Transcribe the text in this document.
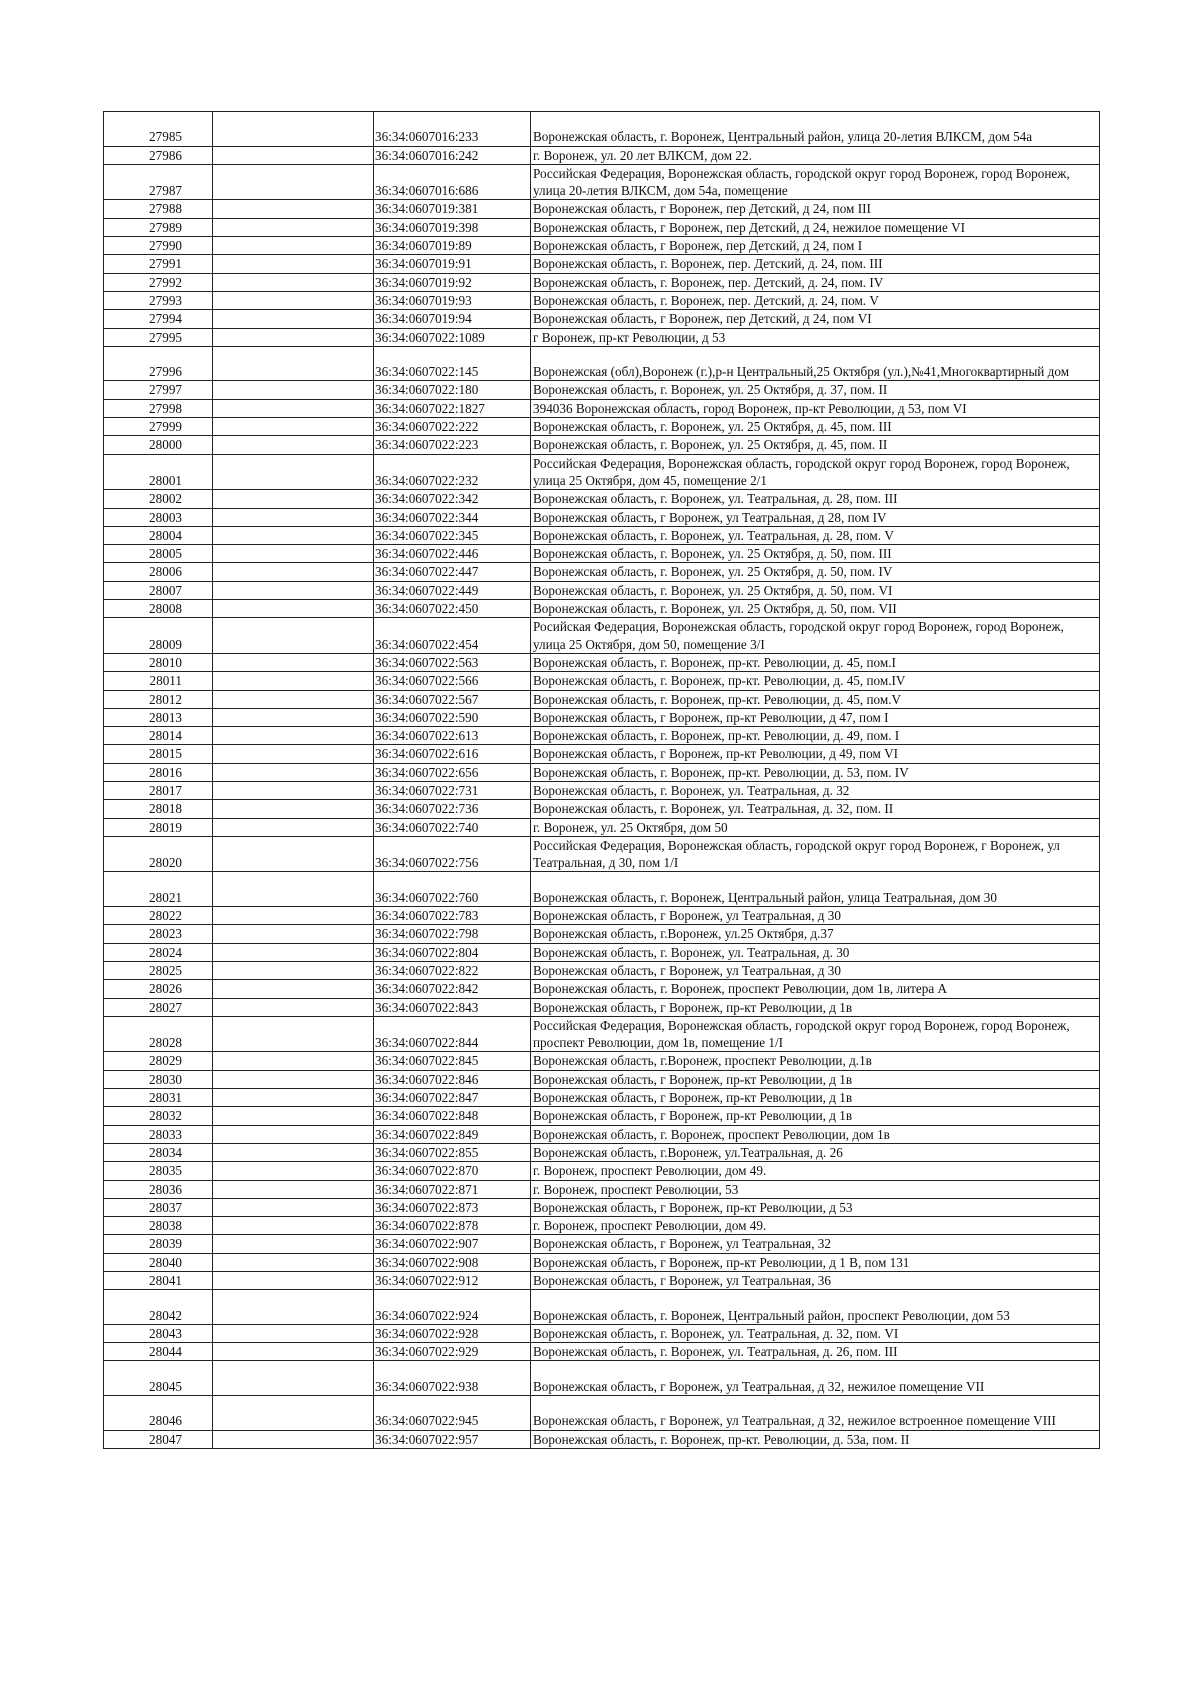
27985		36:34:0607016:233	Воронежская область, г. Воронеж, Центральный район, улица 20-летия ВЛКСМ, дом 54а
27986		36:34:0607016:242	г. Воронеж, ул. 20 лет ВЛКСМ, дом 22.
27987		36:34:0607016:686	Российская Федерация, Воронежская область, городской округ город Воронеж, город Воронеж, улица 20-летия ВЛКСМ, дом 54а, помещение
27988		36:34:0607019:381	Воронежская область, г Воронеж, пер Детский, д 24, пом III
27989		36:34:0607019:398	Воронежская область, г Воронеж, пер Детский, д 24, нежилое помещение VI
27990		36:34:0607019:89	Воронежская область, г Воронеж, пер Детский, д 24, пом I
27991		36:34:0607019:91	Воронежская область, г. Воронеж, пер. Детский, д. 24, пом. III
27992		36:34:0607019:92	Воронежская область, г. Воронеж, пер. Детский, д. 24, пом. IV
27993		36:34:0607019:93	Воронежская область, г. Воронеж, пер. Детский, д. 24, пом. V
27994		36:34:0607019:94	Воронежская область, г Воронеж, пер Детский, д 24, пом VI
27995		36:34:0607022:1089	г Воронеж, пр-кт Революции, д 53
27996		36:34:0607022:145	Воронежская (обл),Воронеж (г.),р-н Центральный,25 Октября (ул.),№41,Многоквартирный дом
27997		36:34:0607022:180	Воронежская область, г. Воронеж, ул. 25 Октября, д. 37, пом. II
27998		36:34:0607022:1827	394036 Воронежская область, город Воронеж, пр-кт Революции, д 53, пом VI
27999		36:34:0607022:222	Воронежская область, г. Воронеж, ул. 25 Октября, д. 45, пом. III
28000		36:34:0607022:223	Воронежская область, г. Воронеж, ул. 25 Октября, д. 45, пом. II
28001		36:34:0607022:232	Российская Федерация, Воронежская область, городской округ город Воронеж, город Воронеж, улица 25 Октября, дом 45, помещение 2/1
28002		36:34:0607022:342	Воронежская область, г. Воронеж, ул. Театральная, д. 28, пом. III
28003		36:34:0607022:344	Воронежская область, г Воронеж, ул Театральная, д 28, пом IV
28004		36:34:0607022:345	Воронежская область, г. Воронеж, ул. Театральная, д. 28, пом. V
28005		36:34:0607022:446	Воронежская область, г. Воронеж, ул. 25 Октября, д. 50, пом. III
28006		36:34:0607022:447	Воронежская область, г. Воронеж, ул. 25 Октября, д. 50, пом. IV
28007		36:34:0607022:449	Воронежская область, г. Воронеж, ул. 25 Октября, д. 50, пом. VI
28008		36:34:0607022:450	Воронежская область, г. Воронеж, ул. 25 Октября, д. 50, пом. VII
28009		36:34:0607022:454	Росийская Федерация, Воронежская область, городской округ город Воронеж, город Воронеж, улица 25 Октября, дом 50, помещение 3/I
28010		36:34:0607022:563	Воронежская область, г. Воронеж, пр-кт. Революции, д. 45, пом.I
28011		36:34:0607022:566	Воронежская область, г. Воронеж, пр-кт. Революции, д. 45, пом.IV
28012		36:34:0607022:567	Воронежская область, г. Воронеж, пр-кт. Революции, д. 45, пом.V
28013		36:34:0607022:590	Воронежская область, г Воронеж, пр-кт Революции, д 47, пом I
28014		36:34:0607022:613	Воронежская область, г. Воронеж, пр-кт. Революции, д. 49, пом. I
28015		36:34:0607022:616	Воронежская область, г Воронеж, пр-кт Революции, д 49, пом VI
28016		36:34:0607022:656	Воронежская область, г. Воронеж, пр-кт. Революции, д. 53, пом. IV
28017		36:34:0607022:731	Воронежская область, г. Воронеж, ул. Театральная, д. 32
28018		36:34:0607022:736	Воронежская область, г. Воронеж, ул. Театральная, д. 32, пом. II
28019		36:34:0607022:740	г. Воронеж, ул. 25 Октября, дом 50
28020		36:34:0607022:756	Российская Федерация, Воронежская область, городской округ город Воронеж, г Воронеж, ул Театральная, д 30, пом 1/I
28021		36:34:0607022:760	Воронежская область, г. Воронеж, Центральный район, улица Театральная, дом 30
28022		36:34:0607022:783	Воронежская область, г Воронеж, ул Театральная, д 30
28023		36:34:0607022:798	Воронежская область, г.Воронеж, ул.25 Октября, д.37
28024		36:34:0607022:804	Воронежская область, г. Воронеж, ул. Театральная, д. 30
28025		36:34:0607022:822	Воронежская область, г Воронеж, ул Театральная, д 30
28026		36:34:0607022:842	Воронежская область, г. Воронеж, проспект Революции, дом 1в, литера А
28027		36:34:0607022:843	Воронежская область, г Воронеж, пр-кт Революции, д 1в
28028		36:34:0607022:844	Российская Федерация, Воронежская область, городской округ город Воронеж, город Воронеж, проспект Революции, дом 1в, помещение 1/I
28029		36:34:0607022:845	Воронежская область, г.Воронеж, проспект Революции, д.1в
28030		36:34:0607022:846	Воронежская область, г Воронеж, пр-кт Революции, д 1в
28031		36:34:0607022:847	Воронежская область, г Воронеж, пр-кт Революции, д 1в
28032		36:34:0607022:848	Воронежская область, г Воронеж, пр-кт Революции, д 1в
28033		36:34:0607022:849	Воронежская область, г. Воронеж, проспект Революции, дом 1в
28034		36:34:0607022:855	Воронежская область, г.Воронеж, ул.Театральная, д. 26
28035		36:34:0607022:870	г. Воронеж, проспект Революции, дом 49.
28036		36:34:0607022:871	г. Воронеж, проспект Революции, 53
28037		36:34:0607022:873	Воронежская область, г Воронеж, пр-кт Революции, д 53
28038		36:34:0607022:878	г. Воронеж, проспект Революции, дом 49.
28039		36:34:0607022:907	Воронежская область, г Воронеж, ул Театральная, 32
28040		36:34:0607022:908	Воронежская область, г Воронеж, пр-кт Революции, д 1 В, пом 131
28041		36:34:0607022:912	Воронежская область, г Воронеж, ул Театральная, 36
28042		36:34:0607022:924	Воронежская область, г. Воронеж, Центральный район, проспект Революции, дом 53
28043		36:34:0607022:928	Воронежская область, г. Воронеж, ул. Театральная, д. 32, пом. VI
28044		36:34:0607022:929	Воронежская область, г. Воронеж, ул. Театральная, д. 26, пом. III
28045		36:34:0607022:938	Воронежская область, г Воронеж, ул Театральная, д 32, нежилое помещение VII
28046		36:34:0607022:945	Воронежская область, г Воронеж, ул Театральная, д 32, нежилое встроенное помещение VIII
28047		36:34:0607022:957	Воронежская область, г. Воронеж, пр-кт. Революции, д. 53а, пом. II
